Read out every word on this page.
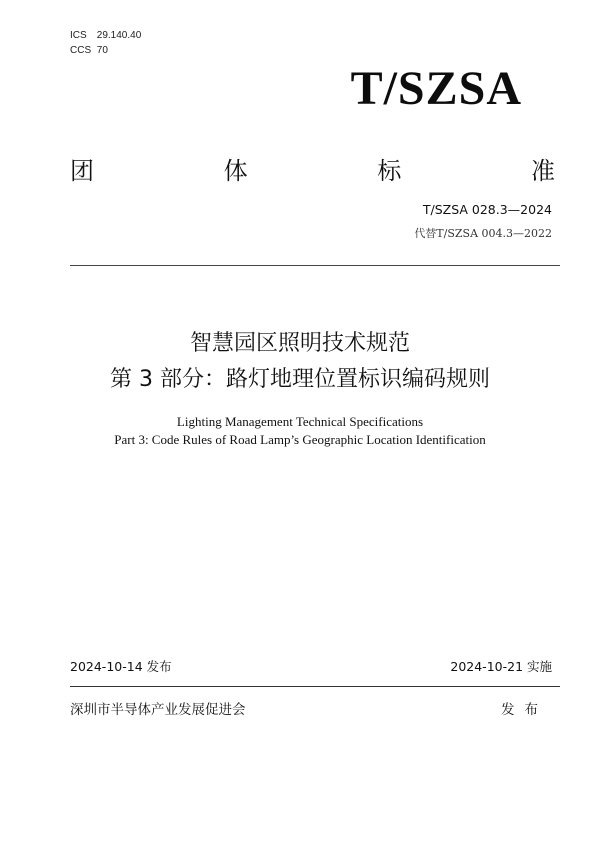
ICS 29.140.40
CCS 70
T/SZSA
团	体	标	准
T/SZSA 028.3—2024
代替T/SZSA 004.3—2022
智慧园区照明技术规范
第 3 部分：路灯地理位置标识编码规则
Lighting Management Technical Specifications
Part 3: Code Rules of Road Lamp’s Geographic Location Identification
2024-10-14 发布	2024-10-21 实施
深圳市半导体产业发展促进会	发布
